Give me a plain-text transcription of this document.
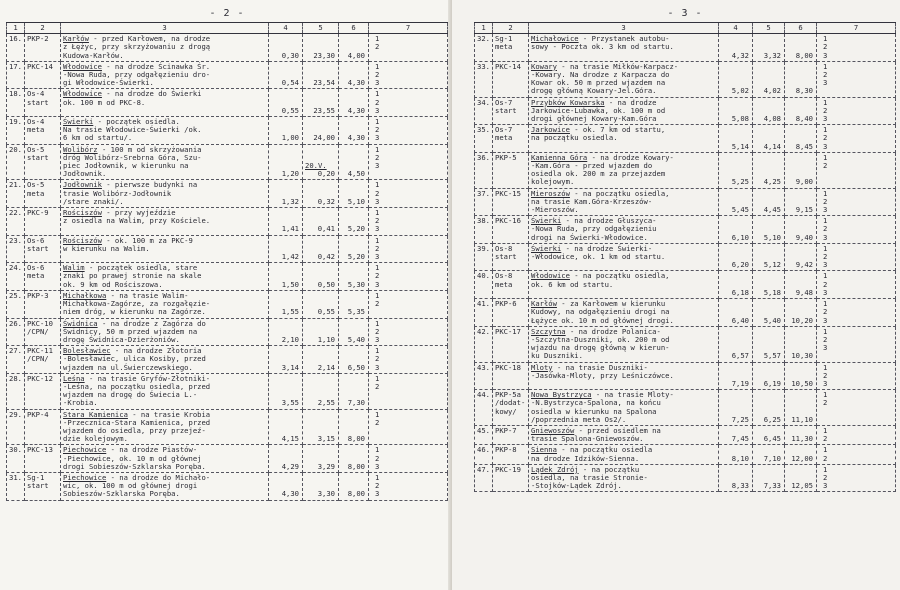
- 2 -
1	2	3	4	5	6	7
16.	PKP-2	Karłów - przed Karłowem, na drodze
z Łężyc, przy skrzyżowaniu z drogą
Kudowa-Karłów.	0,30	23,30	4,00	1
2

17.	PKC-14	Włodowice - na drodze Ścinawka Śr.
-Nowa Ruda, przy odgałęzieniu dro-
gi Włodowice-Świerki.	0,54	23,54	4,30	1
2
3

18.	Os-4
start	Włodowice - na drodze do Świerki
ok. 100 m od PKC-8.	0,55	23,55	4,30	1
2
3

19.	Os-4
meta	Świerki - początek osiedla.
Na trasie Włodowice-Świerki /ok.
6 km od startu/.	1,00	24,00	4,30	1
2
3

20.	Os-5
start	Wolibórz - 100 m od skrzyżowania
dróg Wolibórz-Srebrna Góra, Szu-
piec Jodłownik, w kierunku na
Jodłownik.	1,20	20.V.
0,20	4,50	1
2
3

21.	Os-5
meta	Jodłownik - pierwsze budynki na
trasie Wolibórz-Jodłownik
/stare znaki/.	1,32	0,32	5,10	1
2
3

22.	PKC-9	Rościszów - przy wyjeździe
z osiedla na Walim, przy Kościele.	1,41	0,41	5,20	1
2
3

23.	Os-6
start	Rościszów - ok. 100 m za PKC-9
w kierunku na Walim.	1,42	0,42	5,20	1
2
3

24.	Os-6
meta	Walim - początek osiedla, stare
znaki po prawej stronie na skale
ok. 9 km od Rościszowa.	1,50	0,50	5,30	1
2
3

25.	PKP-3	Michałkowa - na trasie Walim-
Michałkowa-Zagórze, za rozgałęzie-
niem dróg, w kierunku na Zagórze.	1,55	0,55	5,35	1
2

26.	PKC-10
/CPN/	Świdnica - na drodze z Zagórza do
Świdnicy, 50 m przed wjazdem na
drogę Świdnica-Dzierżoniów.	2,10	1,10	5,40	1
2
3

27.	PKC-11
/CPN/	Bolesławiec - na drodze Złotoria
-Bolesławiec, ulica Kosiby, przed
wjazdem na ul.Świerczewskiego.	3,14	2,14	6,50	1
2
3

28.	PKC-12	Leśna - na trasie Gryfów-Złotniki-
-Leśna, na początku osiedla, przed
wjazdem na drogę do Świecia L.-
-Krobia.	3,55	2,55	7,30	1
2

29.	PKP-4	Stara Kamienica - na trasie Krobia
-Przecznica-Stara Kamienica, przed
wjazdem do osiedla, przy przejeź-
dzie kolejowym.	4,15	3,15	8,00	1
2

30.	PKC-13	Piechowice - na drodze Piastów-
-Piechowice, ok. 10 m od głównej
drogi Sobieszów-Szklarska Poręba.	4,29	3,29	8,00	1
2
3

31.	Sg-1
start	Piechowice - na drodze do Michało-
wic, ok. 100 m od głównej drogi
Sobieszów-Szklarska Poręba.	4,30	3,30	8,00	1
2
3
- 3 -
1	2	3	4	5	6	7
32.	Sg-1
meta	Michałowice - Przystanek autobu-
sowy - Poczta ok. 3 km od startu.	4,32	3,32	8,00	1
2
3

33.	PKC-14	Kowary - na trasie Miłków-Karpacz-
-Kowary. Na drodze z Karpacza do
Kowar ok. 50 m przed wjazdem na
drogę główną Kowary-Jel.Góra.	5,02	4,02	8,30	1
2
3

34.	Os-7
start	Przybków Kowarska - na drodze
Jarkowice-Lubawka, ok. 100 m od
drogi głównej Kowary-Kam.Góra	5,08	4,08	8,40	1
2
3

35.	Os-7
meta	Jarkowice - ok. 7 km od startu,
na początku osiedla.	5,14	4,14	8,45	1
2
3

36.	PKP-5	Kamienna Góra - na drodze Kowary-
-Kam.Góra - przed wjazdem do
osiedla ok. 200 m za przejazdem
kolejowym.	5,25	4,25	9,00	1
2

37.	PKC-15	Mieroszów - na początku osiedla,
na trasie Kam.Góra-Krzeszów-
-Mieroszów.	5,45	4,45	9,15	1
2
3

38.	PKC-16	Świerki - na drodze Głuszyca-
-Nowa Ruda, przy odgałęzieniu
drogi na Świerki-Włodowice.	6,10	5,10	9,40	1
2
3

39.	Os-8
start	Świerki - na drodze Świerki-
-Włodowice, ok. 1 km od startu.	6,20	5,12	9,42	1
2
3

40.	Os-8
meta	Włodowice - na początku osiedla,
ok. 6 km od startu.	6,18	5,18	9,48	1
2
3

41.	PKP-6	Karłów - za Karłowem w kierunku
Kudowy, na odgałęzieniu drogi na
Łężyce ok. 10 m od głównej drogi.	6,40	5,40	10,20	1
2
3

42.	PKC-17	Szczytna - na drodze Polanica-
-Szczytna-Duszniki, ok. 200 m od
wjazdu na drogę główną w kierun-
ku Duszniki.	6,57	5,57	10,30	1
2
3

43.	PKC-18	Mloty - na trasie Duszniki-
-Jasówka-Mloty, przy Leśniczówce.	7,19	6,19	10,50	1
2
3

44.	PKP-5a
/dodat-
kowy/	Nowa Bystrzyca - na trasie Mloty-
-N.Bystrzyca-Spalona, na końcu
osiedla w kierunku na Spalona
/poprzednia meta Os2/.	7,25	6,25	11,10	1
2

45.	PKP-7	Gniewoszów - przed osiedlem na
trasie Spalona-Gniewoszów.	7,45	6,45	11,30	1
2

46.	PKP-8	Sienna - na początku osiedla
na drodze Idzików-Sienna.	8,10	7,10	12,00	1
2

47.	PKC-19	Lądek Zdrój - na początku
osiedla, na trasie Stronie-
-Stojków-Lądek Zdrój.	8,33	7,33	12,05	1
2
3
